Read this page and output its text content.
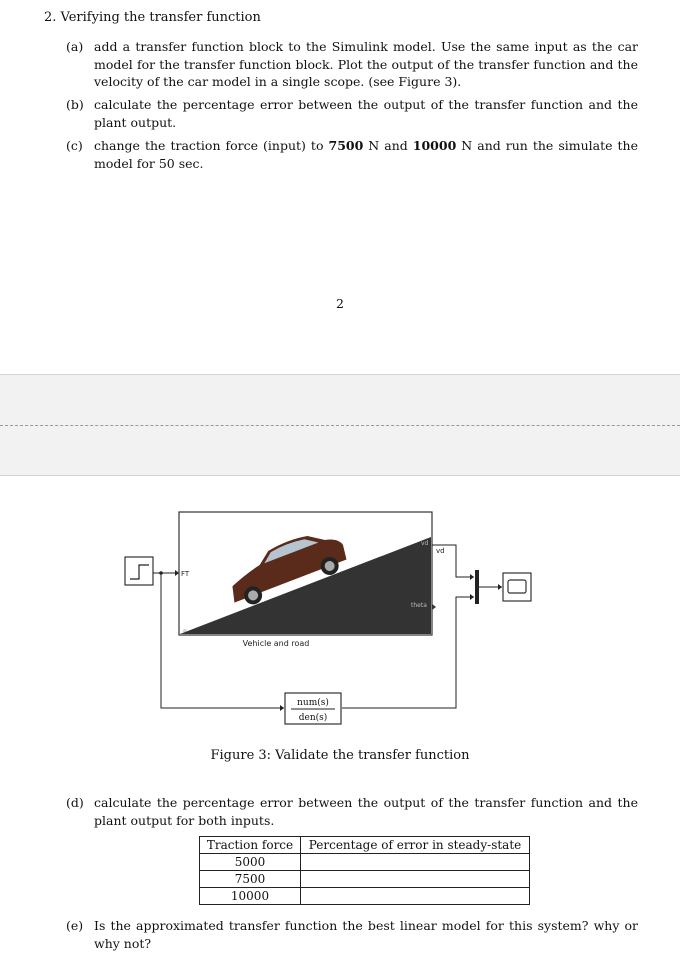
2. Verifying the transfer function
(a) add a transfer function block to the Simulink model. Use the same input as the car model for the transfer function block. Plot the output of the transfer function and the velocity of the car model in a single scope. (see Figure 3).
(b) calculate the percentage error between the output of the transfer function and the plant output.
(c) change the traction force (input) to 7500 N and 10000 N and run the simulate the model for 50 sec.
2
⌀
vd
theta
FT
Vehicle and road
vd
num(s)
den(s)
Figure 3: Validate the transfer function
(d) calculate the percentage error between the output of the transfer function and the plant output for both inputs.
Traction force	Percentage of error in steady-state
5000	
7500	
10000	
(e) Is the approximated transfer function the best linear model for this system? why or why not?
